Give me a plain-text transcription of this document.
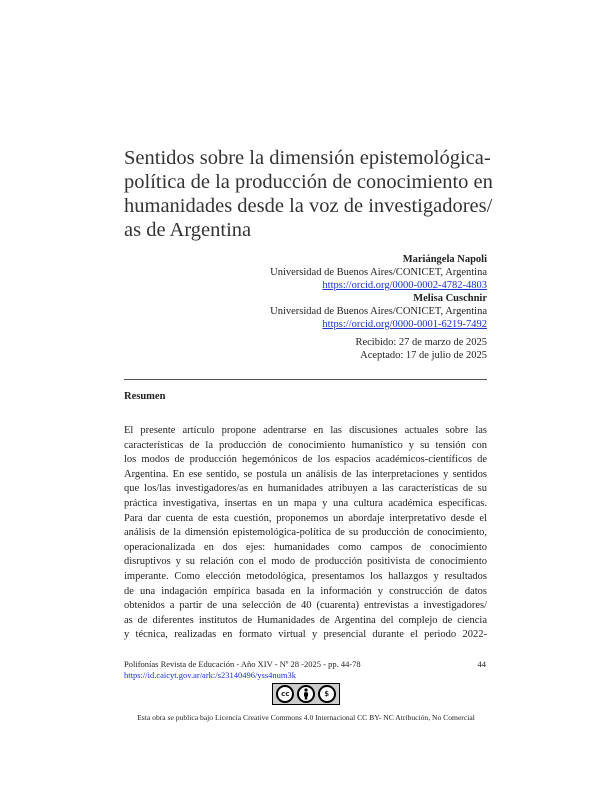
Sentidos sobre la dimensión epistemológica-
política de la producción de conocimiento en
humanidades desde la voz de investigadores/
as de Argentina
Mariángela Napoli
Universidad de Buenos Aires/CONICET, Argentina
https://orcid.org/0000-0002-4782-4803
Melisa Cuschnir
Universidad de Buenos Aires/CONICET, Argentina
https://orcid.org/0000-0001-6219-7492
Recibido: 27 de marzo de 2025
Aceptado: 17 de julio de 2025
Resumen
El presente artículo propone adentrarse en las discusiones actuales sobre las
características de la producción de conocimiento humanístico y su tensión con
los modos de producción hegemónicos de los espacios académicos-científicos de
Argentina. En ese sentido, se postula un análisis de las interpretaciones y sentidos
que los/las investigadores/as en humanidades atribuyen a las características de su
práctica investigativa, insertas en un mapa y una cultura académica específicas.
Para dar cuenta de esta cuestión, proponemos un abordaje interpretativo desde el
análisis de la dimensión epistemológica-política de su producción de conocimiento,
operacionalizada en dos ejes: humanidades como campos de conocimiento
disruptivos y su relación con el modo de producción positivista de conocimiento
imperante. Como elección metodológica, presentamos los hallazgos y resultados
de una indagación empírica basada en la información y construcción de datos
obtenidos a partir de una selección de 40 (cuarenta) entrevistas a investigadores/
as de diferentes institutos de Humanidades de Argentina del complejo de ciencia
y técnica, realizadas en formato virtual y presencial durante el periodo 2022-
Polifonías Revista de Educación - Año XIV - Nº 28 -2025 - pp. 44-78
https://id.caicyt.gov.ar/ark:/s23140496/yss4num3k
44
cc	$
Esta obra se publica bajo Licencia Creative Commons 4.0 Internacional CC BY- NC Atribución, No Comercial
